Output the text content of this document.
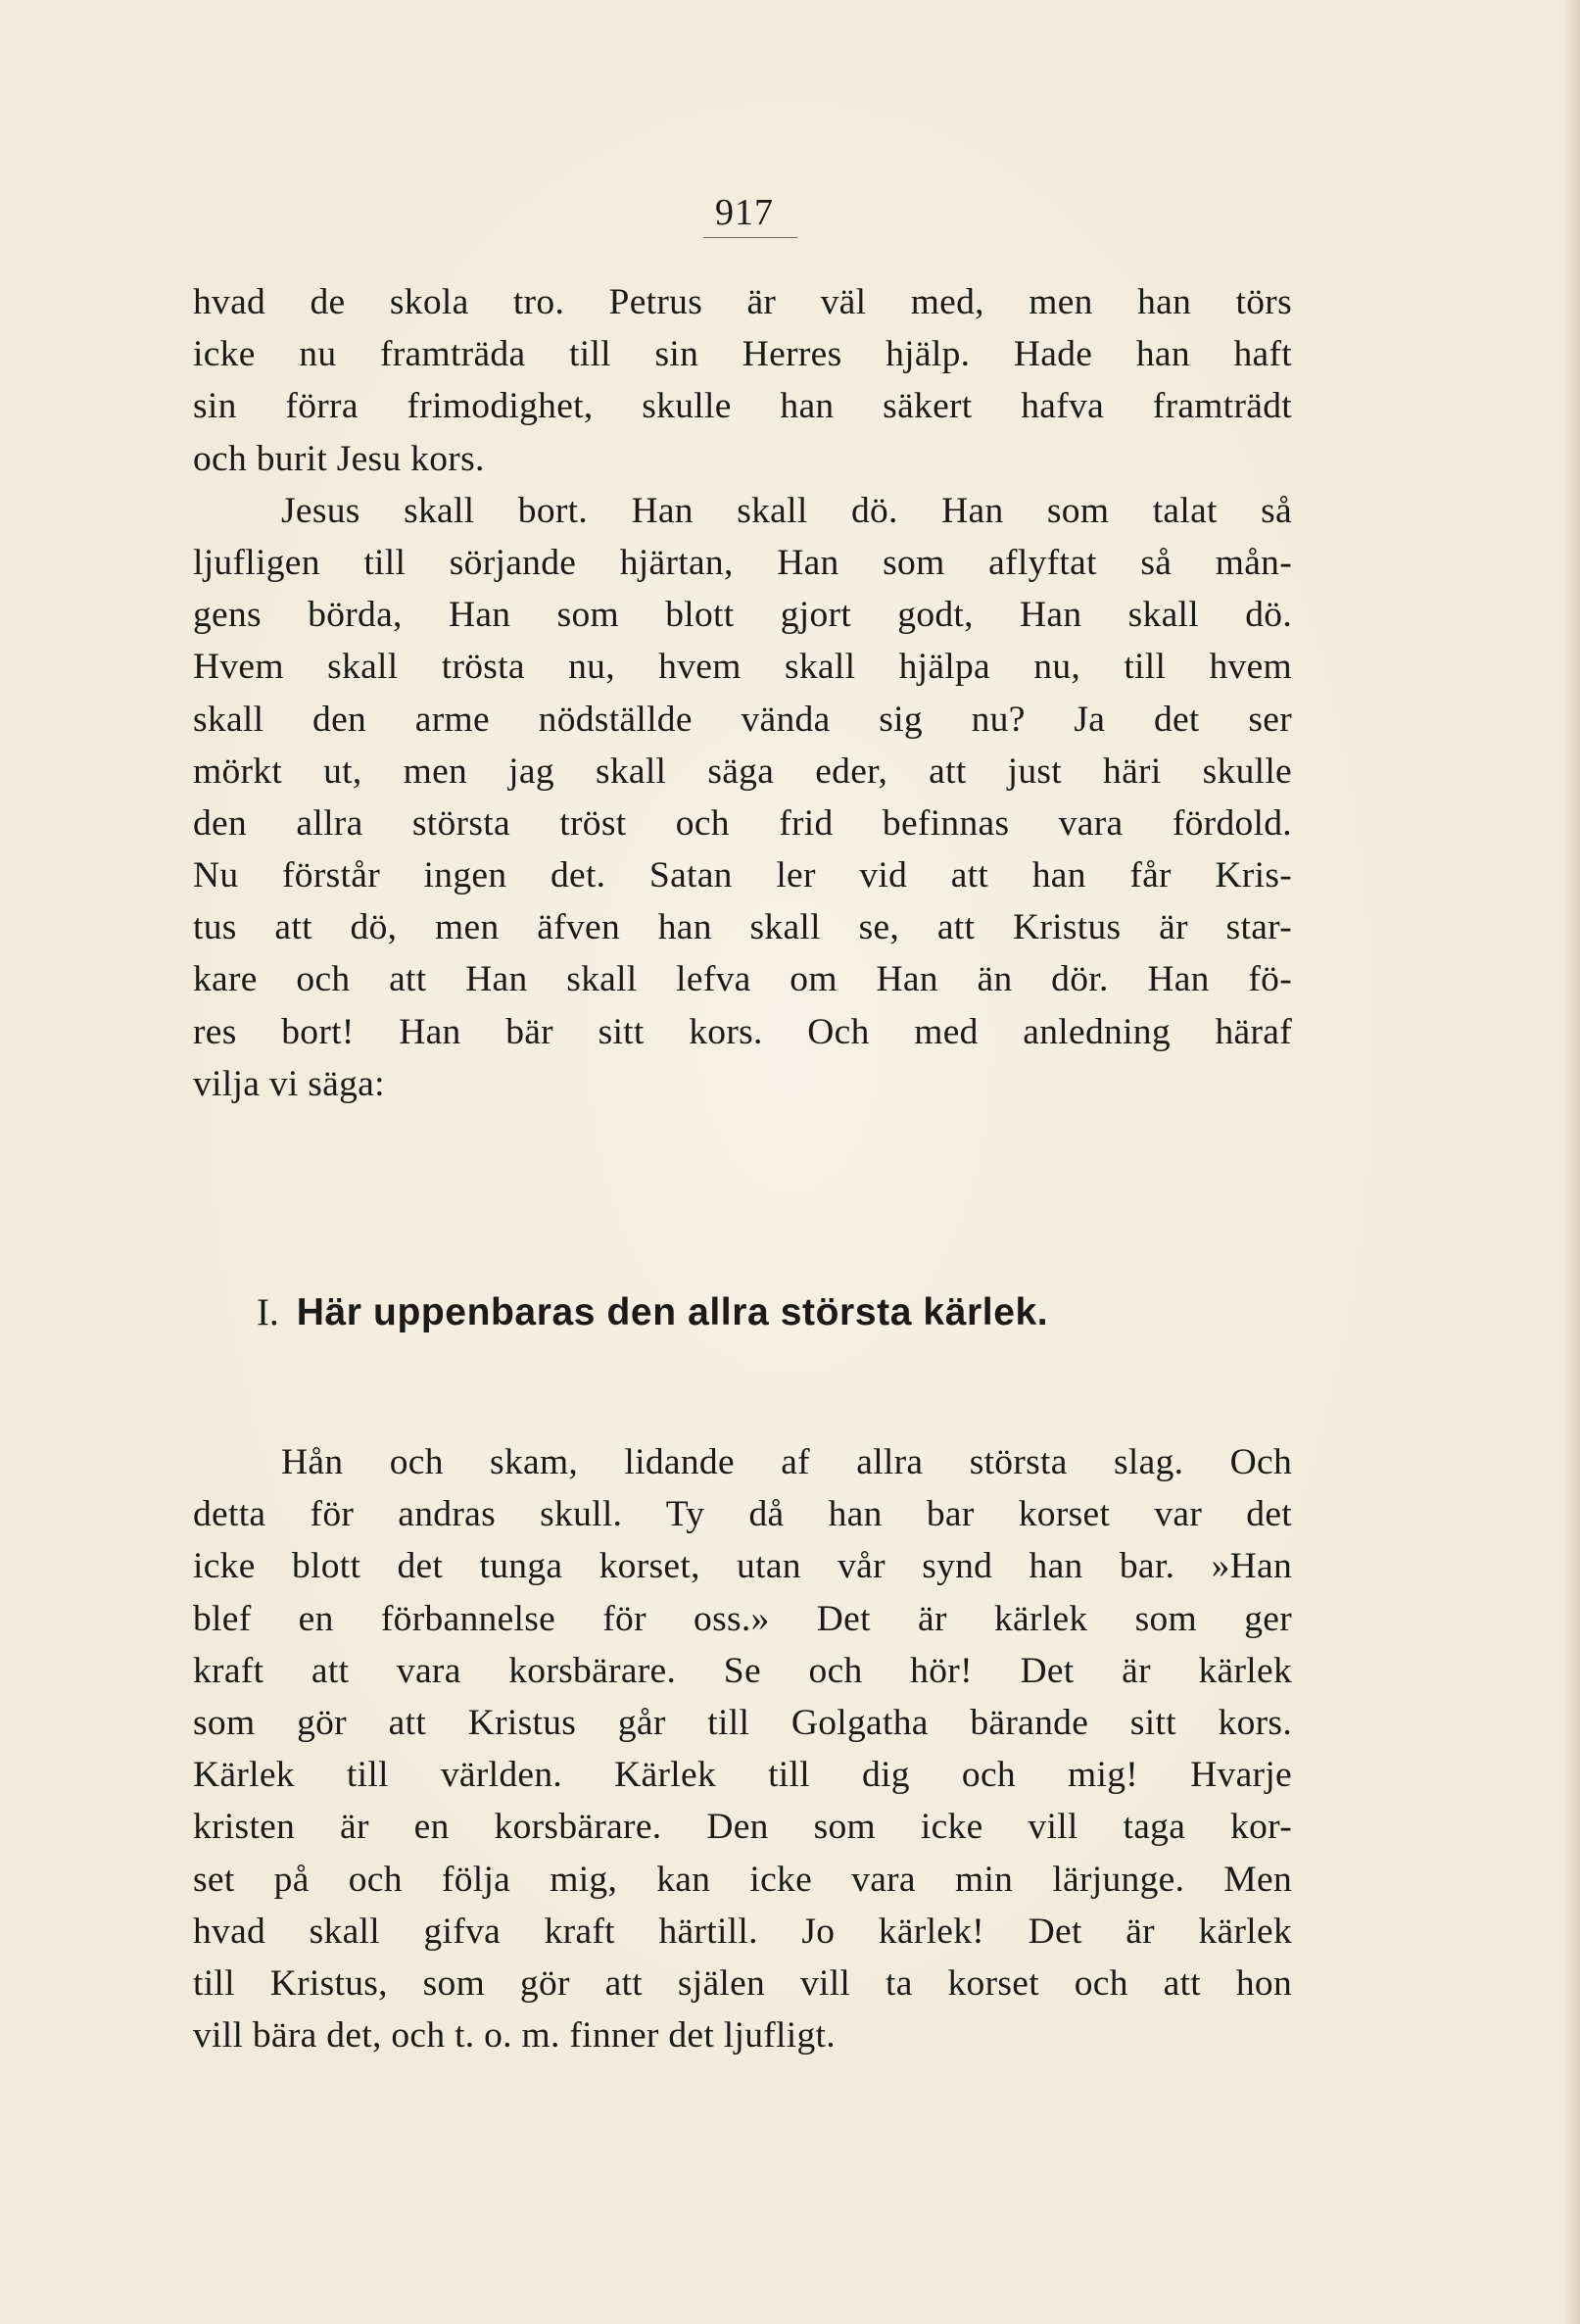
917
hvad de skola tro. Petrus är väl med, men han törs
icke nu framträda till sin Herres hjälp. Hade han haft
sin förra frimodighet, skulle han säkert hafva framträdt
och burit Jesu kors.
Jesus skall bort. Han skall dö. Han som talat så
ljufligen till sörjande hjärtan, Han som aflyftat så mån-
gens börda, Han som blott gjort godt, Han skall dö.
Hvem skall trösta nu, hvem skall hjälpa nu, till hvem
skall den arme nödställde vända sig nu? Ja det ser
mörkt ut, men jag skall säga eder, att just häri skulle
den allra största tröst och frid befinnas vara fördold.
Nu förstår ingen det. Satan ler vid att han får Kris-
tus att dö, men äfven han skall se, att Kristus är star-
kare och att Han skall lefva om Han än dör. Han fö-
res bort! Han bär sitt kors. Och med anledning häraf
vilja vi säga:
I. Här uppenbaras den allra största kärlek.
Hån och skam, lidande af allra största slag. Och
detta för andras skull. Ty då han bar korset var det
icke blott det tunga korset, utan vår synd han bar. »Han
blef en förbannelse för oss.» Det är kärlek som ger
kraft att vara korsbärare. Se och hör! Det är kärlek
som gör att Kristus går till Golgatha bärande sitt kors.
Kärlek till världen. Kärlek till dig och mig! Hvarje
kristen är en korsbärare. Den som icke vill taga kor-
set på och följa mig, kan icke vara min lärjunge. Men
hvad skall gifva kraft härtill. Jo kärlek! Det är kärlek
till Kristus, som gör att själen vill ta korset och att hon
vill bära det, och t. o. m. finner det ljufligt.
